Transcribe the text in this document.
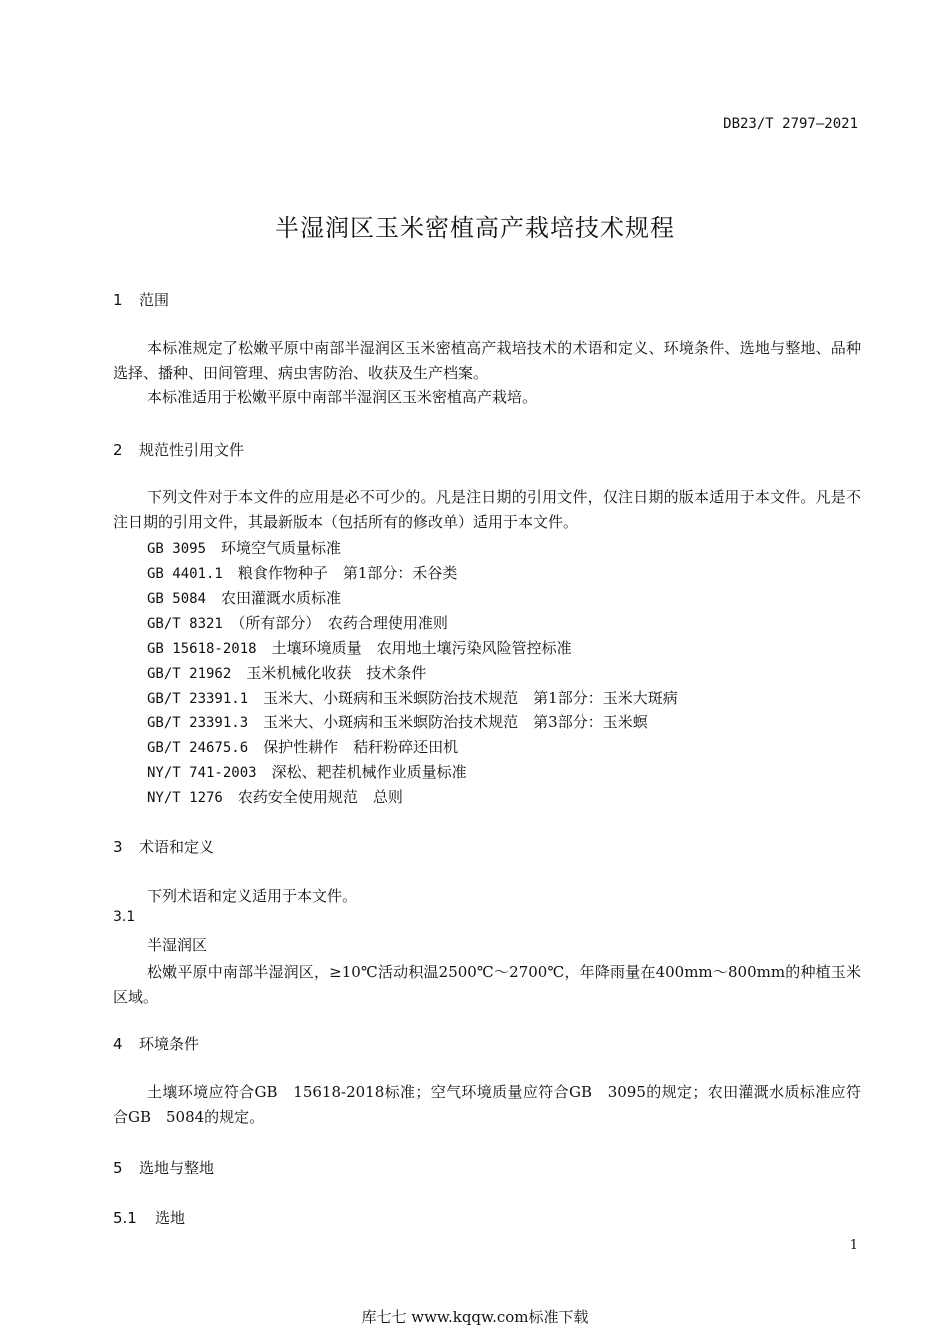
DB23/T 2797—2021
半湿润区玉米密植高产栽培技术规程
1 范围
本标准规定了松嫩平原中南部半湿润区玉米密植高产栽培技术的术语和定义、环境条件、选地与整地、品种选择、播种、田间管理、病虫害防治、收获及生产档案。
本标准适用于松嫩平原中南部半湿润区玉米密植高产栽培。
2 规范性引用文件
下列文件对于本文件的应用是必不可少的。凡是注日期的引用文件，仅注日期的版本适用于本文件。凡是不注日期的引用文件，其最新版本（包括所有的修改单）适用于本文件。
GB 3095　 环境空气质量标准
GB 4401.1　 粮食作物种子　第1部分：禾谷类
GB 5084　 农田灌溉水质标准
GB/T 8321　 （所有部分）　农药合理使用准则
GB 15618-2018　 土壤环境质量　农用地土壤污染风险管控标准
GB/T 21962　 玉米机械化收获　技术条件
GB/T 23391.1　 玉米大、小斑病和玉米螟防治技术规范　第1部分：玉米大斑病
GB/T 23391.3　 玉米大、小斑病和玉米螟防治技术规范　第3部分：玉米螟
GB/T 24675.6　 保护性耕作　秸秆粉碎还田机
NY/T 741-2003　 深松、耙茬机械作业质量标准
NY/T 1276　 农药安全使用规范　总则
3 术语和定义
下列术语和定义适用于本文件。
3.1
半湿润区
松嫩平原中南部半湿润区，≥10℃活动积温2500℃～2700℃，年降雨量在400mm～800mm的种植玉米区域。
4 环境条件
土壤环境应符合GB　15618-2018标准；空气环境质量应符合GB　3095的规定；农田灌溉水质标准应符合GB　5084的规定。
5 选地与整地
5.1 选地
1
库七七 www.kqqw.com标准下载
